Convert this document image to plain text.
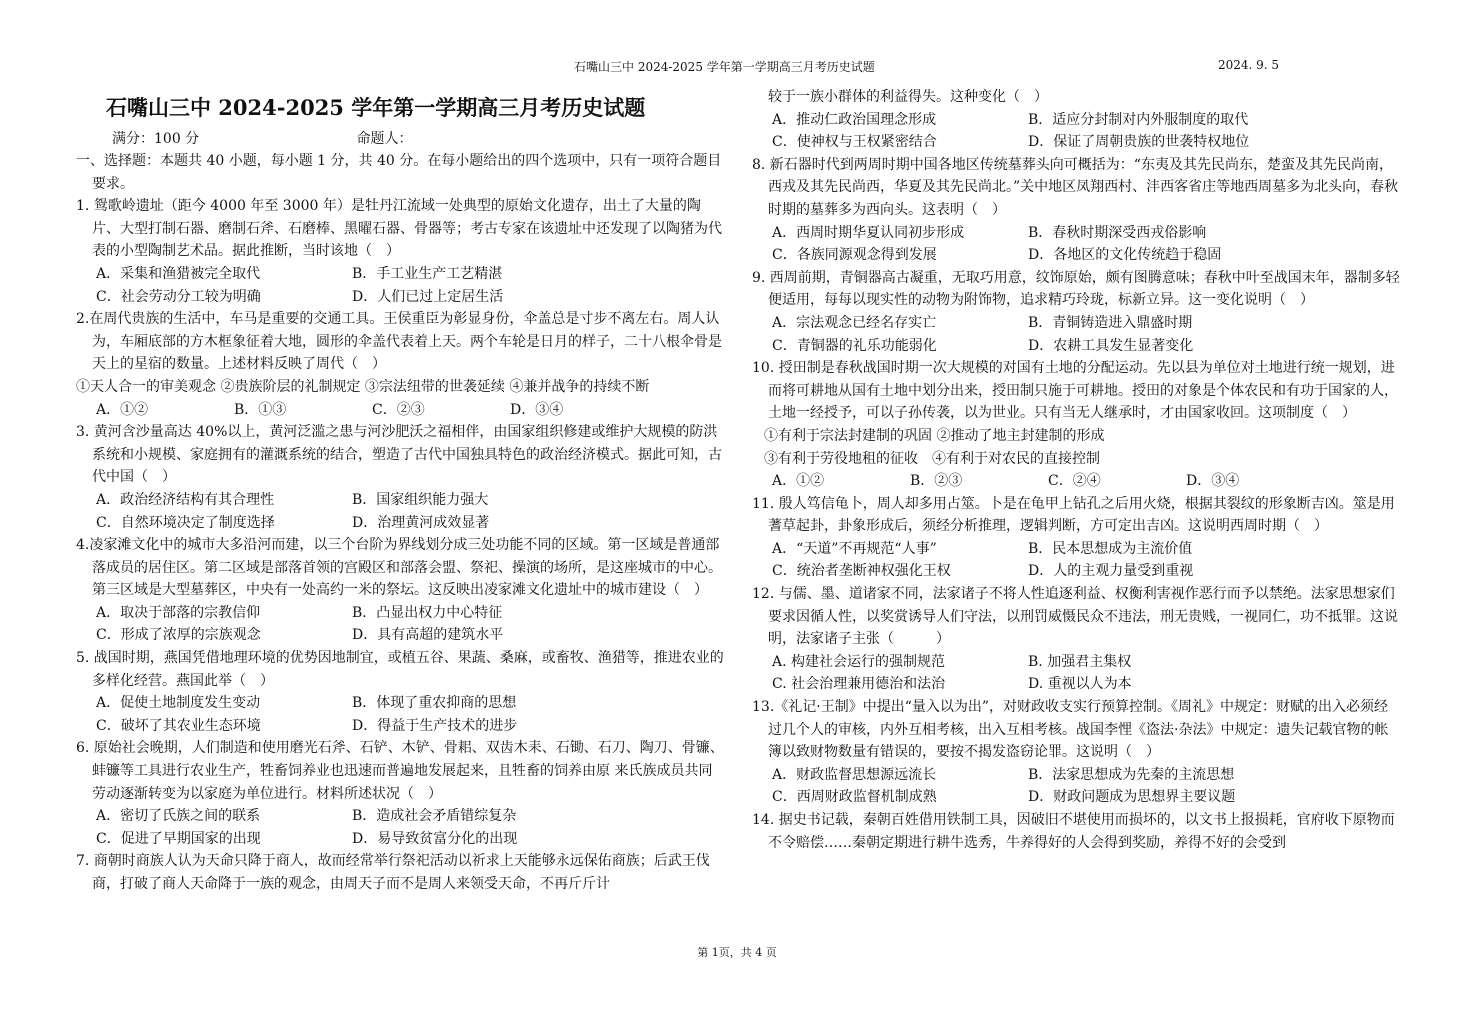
石嘴山三中 2024-2025 学年第一学期高三月考历史试题	2024. 9. 5
石嘴山三中 2024-2025 学年第一学期高三月考历史试题
满分：100 分	命题人：

一、选择题：本题共 40 小题，每小题 1 分，共 40 分。在每小题给出的四个选项中，只有一项符合题目要求。

1. 鸳歌岭遗址（距今 4000 年至 3000 年）是牡丹江流域一处典型的原始文化遗存，出土了大量的陶片、大型打制石器、磨制石斧、石磨棒、黑曜石器、骨器等；考古专家在该遗址中还发现了以陶猪为代表的小型陶制艺术品。据此推断，当时该地（　）

A．采集和渔猎被完全取代	B．手工业生产工艺精湛
C．社会劳动分工较为明确	D．人们已过上定居生活

2.在周代贵族的生活中，车马是重要的交通工具。王侯重臣为彰显身份，伞盖总是寸步不离左右。周人认为，车厢底部的方木框象征着大地，圆形的伞盖代表着上天。两个车轮是日月的样子，二十八根伞骨是天上的星宿的数量。上述材料反映了周代（　）

①天人合一的审美观念 ②贵族阶层的礼制规定 ③宗法纽带的世袭延续 ④兼并战争的持续不断

A．①②	B．①③	C．②③	D．③④

3. 黄河含沙量高达 40%以上，黄河泛滥之患与河沙肥沃之福相伴，由国家组织修建或维护大规模的防洪系统和小规模、家庭拥有的灌溉系统的结合，塑造了古代中国独具特色的政治经济模式。据此可知，古代中国（　）

A．政治经济结构有其合理性	B．国家组织能力强大
C．自然环境决定了制度选择	D．治理黄河成效显著

4.凌家滩文化中的城市大多沿河而建，以三个台阶为界线划分成三处功能不同的区域。第一区域是普通部落成员的居住区。第二区域是部落首领的宫殿区和部落会盟、祭祀、操演的场所，是这座城市的中心。第三区域是大型墓葬区，中央有一处高约一米的祭坛。这反映出凌家滩文化遗址中的城市建设（　）

A．取决于部落的宗教信仰	B．凸显出权力中心特征
C．形成了浓厚的宗族观念	D．具有高超的建筑水平

5. 战国时期，燕国凭借地理环境的优势因地制宜，或植五谷、果蔬、桑麻，或畜牧、渔猎等，推进农业的多样化经营。燕国此举（　）

A．促使土地制度发生变动	B．体现了重农抑商的思想
C．破坏了其农业生态环境	D．得益于生产技术的进步

6. 原始社会晚期，人们制造和使用磨光石斧、石铲、木铲、骨耜、双齿木耒、石锄、石刀、陶刀、骨镰、蚌镰等工具进行农业生产，牲畜饲养业也迅速而普遍地发展起来，且牲畜的饲养由原 来氏族成员共同劳动逐渐转变为以家庭为单位进行。材料所述状况（　）

A．密切了氏族之间的联系	B．造成社会矛盾错综复杂
C．促进了早期国家的出现	D．易导致贫富分化的出现

7. 商朝时商族人认为天命只降于商人，故而经常举行祭祀活动以祈求上天能够永远保佑商族；后武王伐商，打破了商人天命降于一族的观念，由周天子而不是周人来领受天命，不再斤斤计

较于一族小群体的利益得失。这种变化（　）

A．推动仁政治国理念形成	B．适应分封制对内外服制度的取代
C．使神权与王权紧密结合	D．保证了周朝贵族的世袭特权地位

8. 新石器时代到两周时期中国各地区传统墓葬头向可概括为：“东夷及其先民尚东，楚蛮及其先民尚南，西戎及其先民尚西，华夏及其先民尚北。”关中地区凤翔西村、沣西客省庄等地西周墓多为北头向，春秋时期的墓葬多为西向头。这表明（　）

A．西周时期华夏认同初步形成	B．春秋时期深受西戎俗影响
C．各族同源观念得到发展	D．各地区的文化传统趋于稳固

9. 西周前期，青铜器高古凝重，无取巧用意，纹饰原始，颇有图腾意味；春秋中叶至战国末年，器制多轻便适用，每每以现实性的动物为附饰物，追求精巧玲珑，标新立异。这一变化说明（　）

A．宗法观念已经名存实亡	B．青铜铸造进入鼎盛时期
C．青铜器的礼乐功能弱化	D．农耕工具发生显著变化

10. 授田制是春秋战国时期一次大规模的对国有土地的分配运动。先以县为单位对土地进行统一规划，进而将可耕地从国有土地中划分出来，授田制只施于可耕地。授田的对象是个体农民和有功于国家的人，土地一经授予，可以子孙传袭，以为世业。只有当无人继承时，才由国家收回。这项制度（　）

①有利于宗法封建制的巩固 ②推动了地主封建制的形成

③有利于劳役地租的征收　④有利于对农民的直接控制

A．①②	B．②③	C．②④	D．③④

11. 殷人笃信龟卜，周人却多用占筮。卜是在龟甲上钻孔之后用火烧，根据其裂纹的形象断吉凶。筮是用蓍草起卦，卦象形成后，须经分析推理，逻辑判断，方可定出吉凶。这说明西周时期（　）

A．“天道”不再规范“人事”	B．民本思想成为主流价值
C．统治者垄断神权强化王权	D．人的主观力量受到重视

12. 与儒、墨、道诸家不同，法家诸子不将人性追逐利益、权衡利害视作恶行而予以禁绝。法家思想家们要求因循人性，以奖赏诱导人们守法，以刑罚威慑民众不违法，刑无贵贱，一视同仁，功不抵罪。这说明，法家诸子主张（　　　）

A. 构建社会运行的强制规范	B. 加强君主集权
C. 社会治理兼用德治和法治	D. 重视以人为本

13.《礼记·王制》中提出“量入以为出”，对财政收支实行预算控制。《周礼》中规定：财赋的出入必须经过几个人的审核，内外互相考核，出入互相考核。战国李悝《盗法·杂法》中规定：遗失记载官物的帐簿以致财物数量有错误的，要按不揭发盗窃论罪。这说明（　）

A．财政监督思想源远流长	B．法家思想成为先秦的主流思想
C．西周财政监督机制成熟	D．财政问题成为思想界主要议题

14. 据史书记载，秦朝百姓借用铁制工具，因破旧不堪使用而损坏的，以文书上报损耗，官府收下原物而不令赔偿……秦朝定期进行耕牛选秀，牛养得好的人会得到奖励，养得不好的会受到

第 1页，共 4 页
